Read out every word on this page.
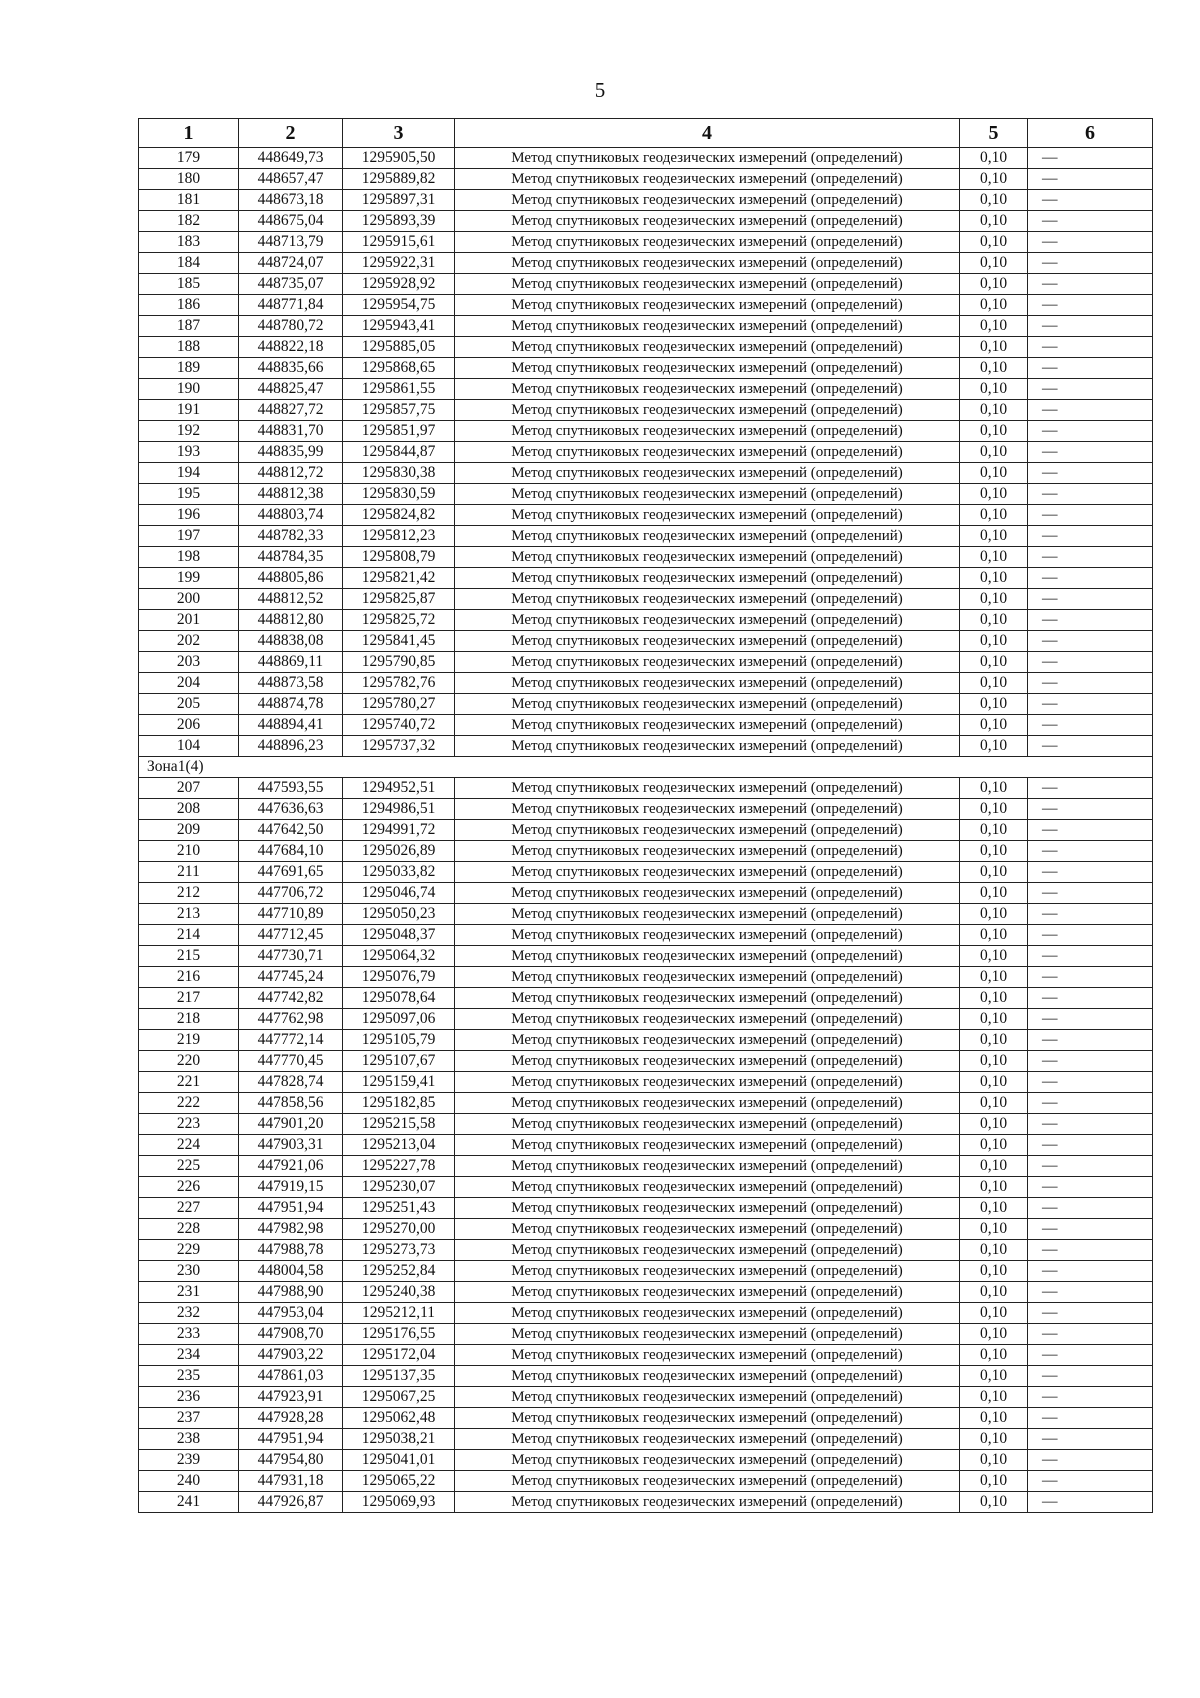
5
1	2	3	4	5	6
179	448649,73	1295905,50	Метод спутниковых геодезических измерений (определений)	0,10	—
180	448657,47	1295889,82	Метод спутниковых геодезических измерений (определений)	0,10	—
181	448673,18	1295897,31	Метод спутниковых геодезических измерений (определений)	0,10	—
182	448675,04	1295893,39	Метод спутниковых геодезических измерений (определений)	0,10	—
183	448713,79	1295915,61	Метод спутниковых геодезических измерений (определений)	0,10	—
184	448724,07	1295922,31	Метод спутниковых геодезических измерений (определений)	0,10	—
185	448735,07	1295928,92	Метод спутниковых геодезических измерений (определений)	0,10	—
186	448771,84	1295954,75	Метод спутниковых геодезических измерений (определений)	0,10	—
187	448780,72	1295943,41	Метод спутниковых геодезических измерений (определений)	0,10	—
188	448822,18	1295885,05	Метод спутниковых геодезических измерений (определений)	0,10	—
189	448835,66	1295868,65	Метод спутниковых геодезических измерений (определений)	0,10	—
190	448825,47	1295861,55	Метод спутниковых геодезических измерений (определений)	0,10	—
191	448827,72	1295857,75	Метод спутниковых геодезических измерений (определений)	0,10	—
192	448831,70	1295851,97	Метод спутниковых геодезических измерений (определений)	0,10	—
193	448835,99	1295844,87	Метод спутниковых геодезических измерений (определений)	0,10	—
194	448812,72	1295830,38	Метод спутниковых геодезических измерений (определений)	0,10	—
195	448812,38	1295830,59	Метод спутниковых геодезических измерений (определений)	0,10	—
196	448803,74	1295824,82	Метод спутниковых геодезических измерений (определений)	0,10	—
197	448782,33	1295812,23	Метод спутниковых геодезических измерений (определений)	0,10	—
198	448784,35	1295808,79	Метод спутниковых геодезических измерений (определений)	0,10	—
199	448805,86	1295821,42	Метод спутниковых геодезических измерений (определений)	0,10	—
200	448812,52	1295825,87	Метод спутниковых геодезических измерений (определений)	0,10	—
201	448812,80	1295825,72	Метод спутниковых геодезических измерений (определений)	0,10	—
202	448838,08	1295841,45	Метод спутниковых геодезических измерений (определений)	0,10	—
203	448869,11	1295790,85	Метод спутниковых геодезических измерений (определений)	0,10	—
204	448873,58	1295782,76	Метод спутниковых геодезических измерений (определений)	0,10	—
205	448874,78	1295780,27	Метод спутниковых геодезических измерений (определений)	0,10	—
206	448894,41	1295740,72	Метод спутниковых геодезических измерений (определений)	0,10	—
104	448896,23	1295737,32	Метод спутниковых геодезических измерений (определений)	0,10	—
Зона1(4)					
207	447593,55	1294952,51	Метод спутниковых геодезических измерений (определений)	0,10	—
208	447636,63	1294986,51	Метод спутниковых геодезических измерений (определений)	0,10	—
209	447642,50	1294991,72	Метод спутниковых геодезических измерений (определений)	0,10	—
210	447684,10	1295026,89	Метод спутниковых геодезических измерений (определений)	0,10	—
211	447691,65	1295033,82	Метод спутниковых геодезических измерений (определений)	0,10	—
212	447706,72	1295046,74	Метод спутниковых геодезических измерений (определений)	0,10	—
213	447710,89	1295050,23	Метод спутниковых геодезических измерений (определений)	0,10	—
214	447712,45	1295048,37	Метод спутниковых геодезических измерений (определений)	0,10	—
215	447730,71	1295064,32	Метод спутниковых геодезических измерений (определений)	0,10	—
216	447745,24	1295076,79	Метод спутниковых геодезических измерений (определений)	0,10	—
217	447742,82	1295078,64	Метод спутниковых геодезических измерений (определений)	0,10	—
218	447762,98	1295097,06	Метод спутниковых геодезических измерений (определений)	0,10	—
219	447772,14	1295105,79	Метод спутниковых геодезических измерений (определений)	0,10	—
220	447770,45	1295107,67	Метод спутниковых геодезических измерений (определений)	0,10	—
221	447828,74	1295159,41	Метод спутниковых геодезических измерений (определений)	0,10	—
222	447858,56	1295182,85	Метод спутниковых геодезических измерений (определений)	0,10	—
223	447901,20	1295215,58	Метод спутниковых геодезических измерений (определений)	0,10	—
224	447903,31	1295213,04	Метод спутниковых геодезических измерений (определений)	0,10	—
225	447921,06	1295227,78	Метод спутниковых геодезических измерений (определений)	0,10	—
226	447919,15	1295230,07	Метод спутниковых геодезических измерений (определений)	0,10	—
227	447951,94	1295251,43	Метод спутниковых геодезических измерений (определений)	0,10	—
228	447982,98	1295270,00	Метод спутниковых геодезических измерений (определений)	0,10	—
229	447988,78	1295273,73	Метод спутниковых геодезических измерений (определений)	0,10	—
230	448004,58	1295252,84	Метод спутниковых геодезических измерений (определений)	0,10	—
231	447988,90	1295240,38	Метод спутниковых геодезических измерений (определений)	0,10	—
232	447953,04	1295212,11	Метод спутниковых геодезических измерений (определений)	0,10	—
233	447908,70	1295176,55	Метод спутниковых геодезических измерений (определений)	0,10	—
234	447903,22	1295172,04	Метод спутниковых геодезических измерений (определений)	0,10	—
235	447861,03	1295137,35	Метод спутниковых геодезических измерений (определений)	0,10	—
236	447923,91	1295067,25	Метод спутниковых геодезических измерений (определений)	0,10	—
237	447928,28	1295062,48	Метод спутниковых геодезических измерений (определений)	0,10	—
238	447951,94	1295038,21	Метод спутниковых геодезических измерений (определений)	0,10	—
239	447954,80	1295041,01	Метод спутниковых геодезических измерений (определений)	0,10	—
240	447931,18	1295065,22	Метод спутниковых геодезических измерений (определений)	0,10	—
241	447926,87	1295069,93	Метод спутниковых геодезических измерений (определений)	0,10	—
